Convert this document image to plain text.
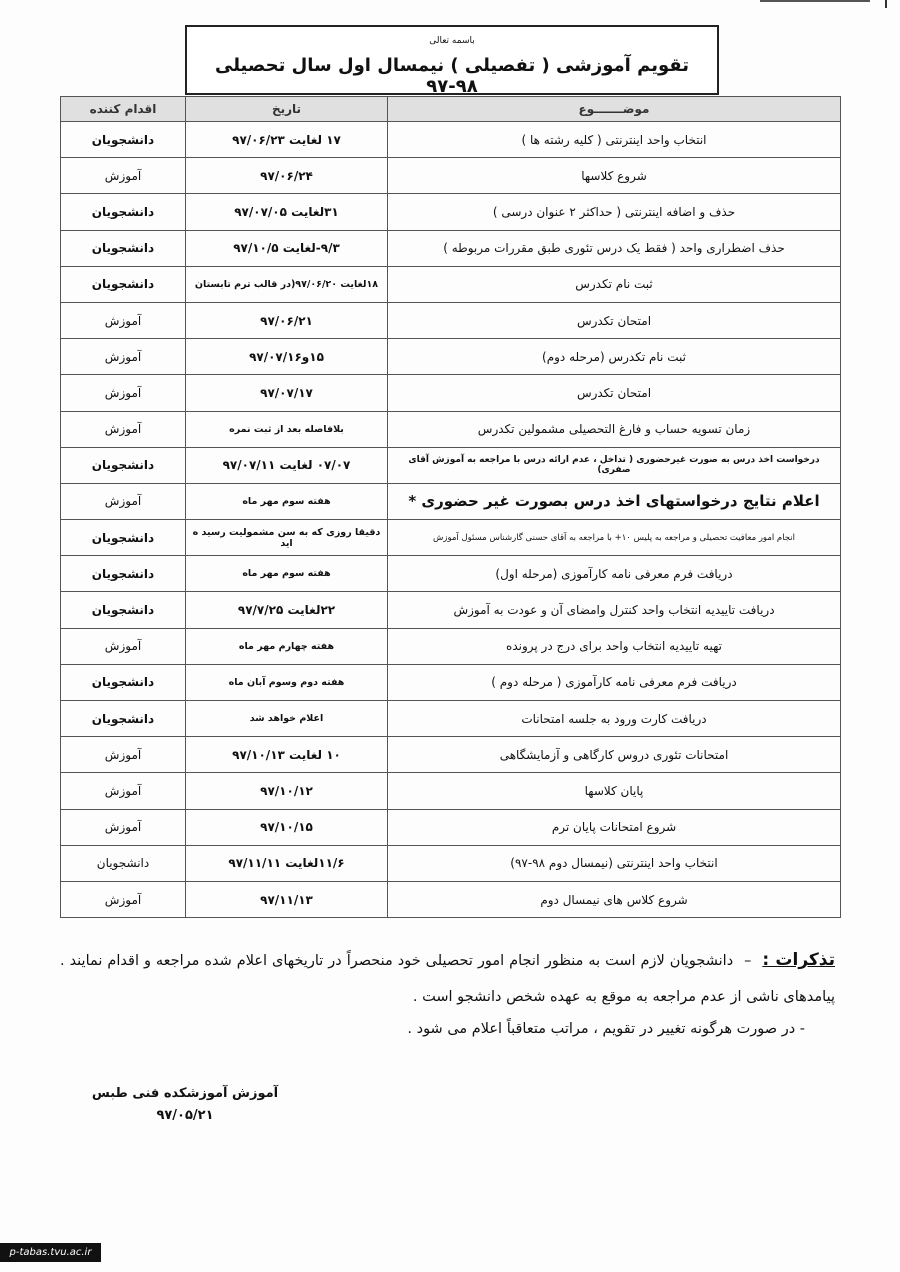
باسمه تعالی
تقویم آموزشی ( تفصیلی ) نیمسال اول سال تحصیلی ۹۸-۹۷
موضـــــــوع	تاریخ	اقدام کننده
انتخاب واحد اینترنتی ( کلیه رشته ها )	۱۷ لغایت ۹۷/۰۶/۲۳	دانشجویان
شروع کلاسها	۹۷/۰۶/۲۴	آموزش
حذف و اضافه اینترنتی ( حداکثر ۲ عنوان درسی )	۳۱لغایت ۹۷/۰۷/۰۵	دانشجویان
حذف اضطراری واحد ( فقط یک درس تئوری طبق مقررات مربوطه )	۹/۳-لغایت ۹۷/۱۰/۵	دانشجویان
ثبت نام تکدرس	۱۸لغایت ۹۷/۰۶/۲۰(در قالب ترم تابستان	دانشجویان
امتحان تکدرس	۹۷/۰۶/۲۱	آموزش
ثبت نام تکدرس (مرحله دوم)	۱۵و۹۷/۰۷/۱۶	آموزش
امتحان تکدرس	۹۷/۰۷/۱۷	آموزش
زمان تسویه حساب و فارغ التحصیلی مشمولین تکدرس	بلافاصله بعد از ثبت نمره	آموزش
درخواست اخذ درس به صورت غیرحضوری ( تداخل ، عدم ارائه درس با مراجعه به آموزش آقای صفری)	۰۷/۰۷ لغایت ۹۷/۰۷/۱۱	دانشجویان
اعلام نتایج درخواستهای اخذ درس بصورت غیر حضوری *	هفته سوم مهر ماه	آموزش
انجام امور معافیت تحصیلی و مراجعه به پلیس ۱۰+ با مراجعه به آقای حسنی گارشناس مسئول آموزش	دقیقا روزی که به سن مشمولیت رسید ه اید	دانشجویان
دریافت فرم معرفی نامه کارآموزی (مرحله اول)	هفته سوم مهر ماه	دانشجویان
دریافت تاییدیه انتخاب واحد کنترل وامضای آن و عودت به آموزش	۲۲لغایت ۹۷/۷/۲۵	دانشجویان
تهیه تاییدیه انتخاب واحد برای درج در پرونده	هفته چهارم مهر ماه	آموزش
دریافت فرم معرفی نامه کارآموزی ( مرحله دوم )	هفته دوم وسوم آبان ماه	دانشجویان
دریافت کارت ورود به جلسه امتحانات	اعلام خواهد شد	دانشجویان
امتحانات تئوری دروس کارگاهی و آزمایشگاهی	۱۰ لغایت ۹۷/۱۰/۱۳	آموزش
پایان کلاسها	۹۷/۱۰/۱۲	آموزش
شروع امتحانات پایان ترم	۹۷/۱۰/۱۵	آموزش
انتخاب واحد اینترنتی (نیمسال دوم ۹۸-۹۷)	۱۱/۶لغایت ۹۷/۱۱/۱۱	دانشجویان
شروع کلاس های نیمسال دوم	۹۷/۱۱/۱۳	آموزش

تذکرات : – دانشجویان لازم است به منظور انجام امور تحصیلی خود منحصراً در تاریخهای اعلام شده مراجعه و اقدام نمایند . پیامدهای ناشی از عدم مراجعه به موقع به عهده شخص دانشجو است .

- در صورت هرگونه تغییر در تقویم ، مراتب متعاقباً اعلام می شود .

آموزش آموزشکده فنی طبس
۹۷/۰۵/۲۱
p-tabas.tvu.ac.ir
